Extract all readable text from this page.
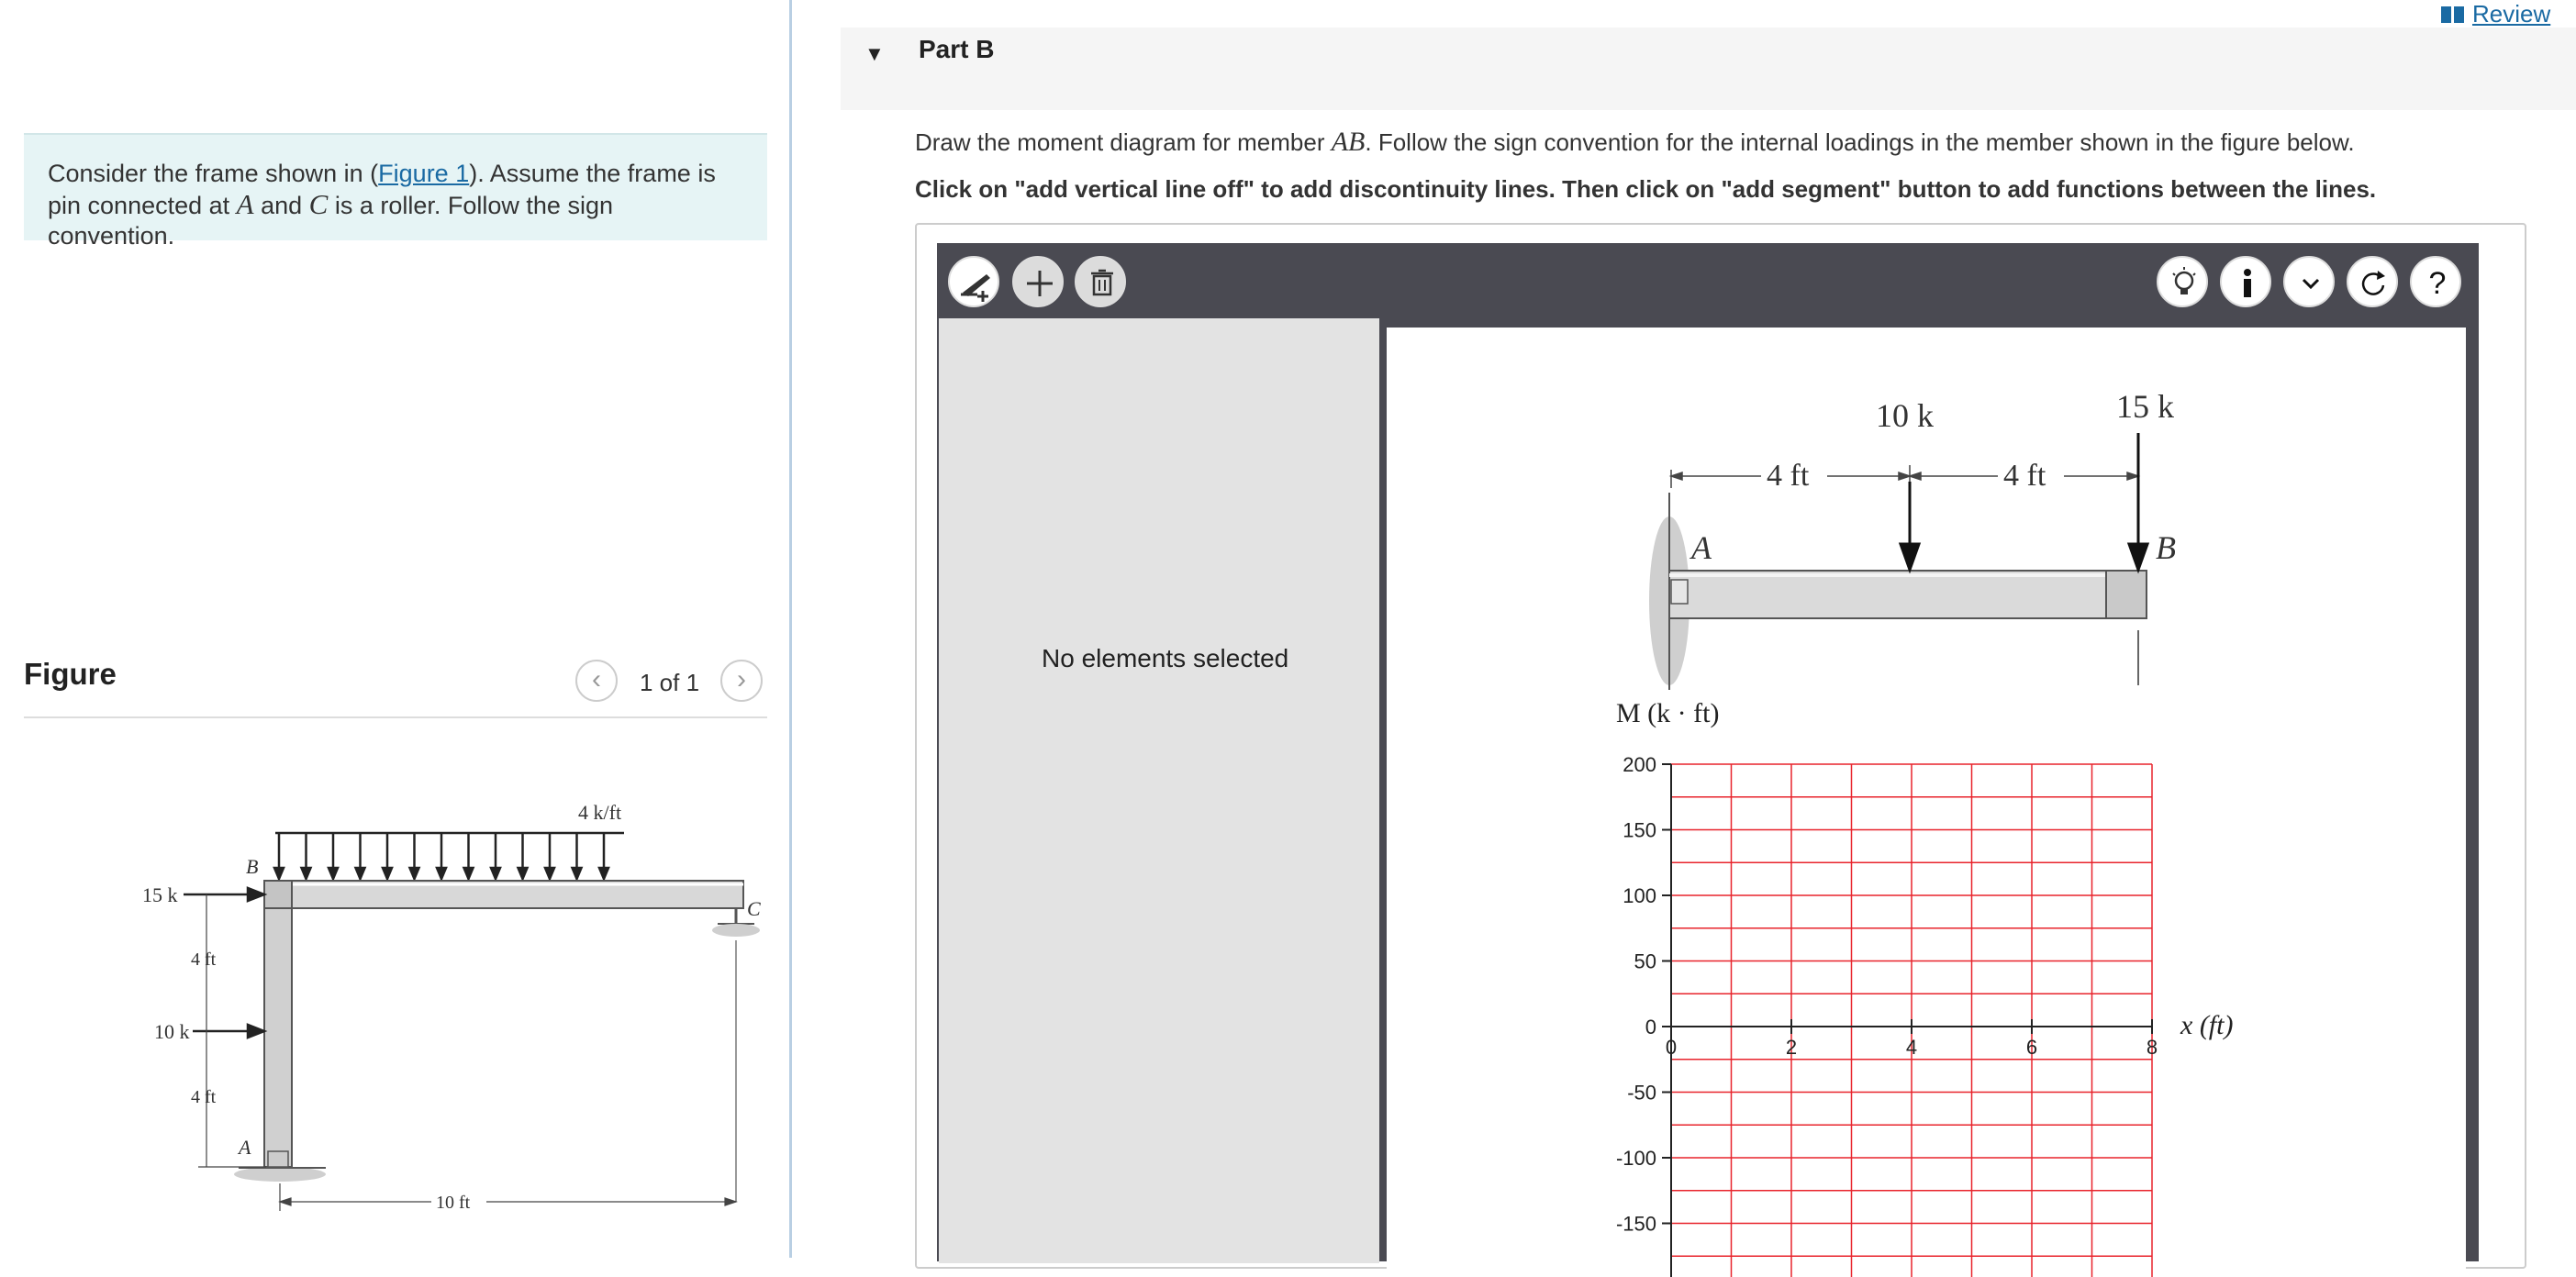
Consider the frame shown in (Figure 1). Assume the frame is pin connected at A and C is a roller. Follow the sign convention.
Figure	‹	1 of 1	›
4 k/ft
A
B
C
15 k
10 k
4 ft
4 ft
10 ft
Review
▼ Part B
Draw the moment diagram for member AB. Follow the sign convention for the internal loadings in the member shown in the figure below.
Click on "add vertical line off" to add discontinuity lines. Then click on "add segment" button to add functions between the lines.
?
No elements selected
4 ft	4 ft
10 k	15 k
A	B
M (k · ft)
x (ft)
200
150
100
50
0
-50
-100
-150
0	2	4	6	8
